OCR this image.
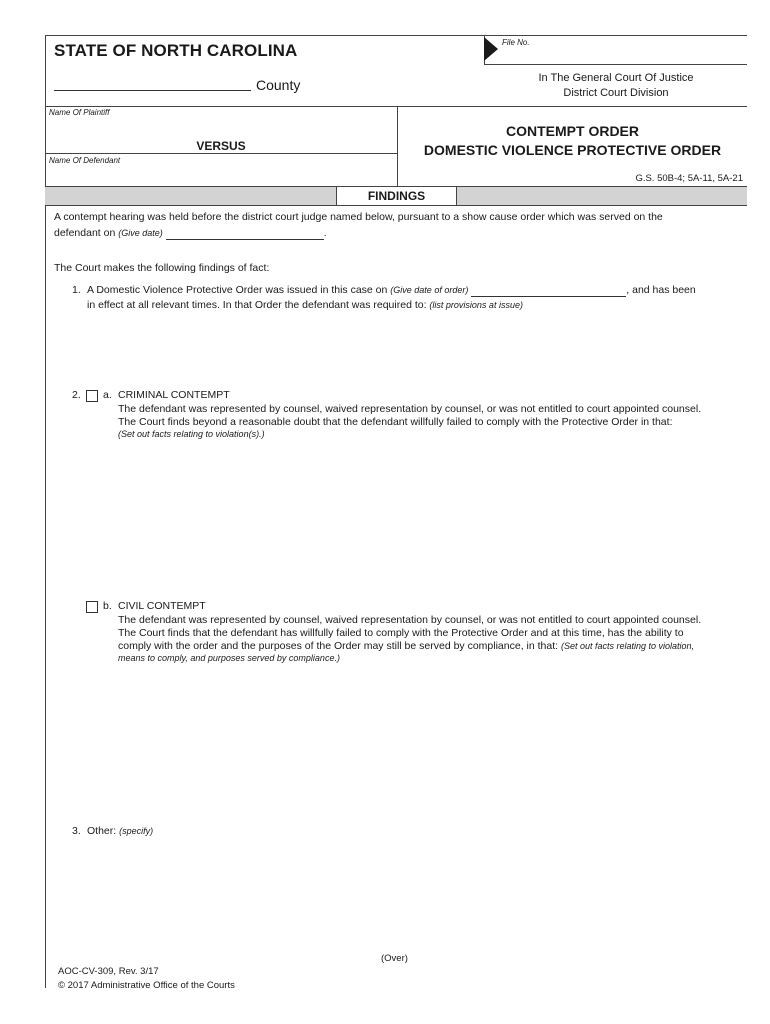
File No.
STATE OF NORTH CAROLINA
County	In The General Court Of Justice
District Court Division
Name Of Plaintiff
VERSUS
Name Of Defendant
CONTEMPT ORDER
DOMESTIC VIOLENCE PROTECTIVE ORDER
G.S. 50B-4; 5A-11, 5A-21
FINDINGS

A contempt hearing was held before the district court judge named below, pursuant to a show cause order which was served on the

defendant on (Give date)	.

The Court makes the following findings of fact:
1. A Domestic Violence Protective Order was issued in this case on (Give date of order)	, and has been

in effect at all relevant times. In that Order the defendant was required to: (list provisions at issue)

2. a. CRIMINAL CONTEMPT

The defendant was represented by counsel, waived representation by counsel, or was not entitled to court appointed counsel.

The Court finds beyond a reasonable doubt that the defendant willfully failed to comply with the Protective Order in that:

(Set out facts relating to violation(s).)

b. CIVIL CONTEMPT

The defendant was represented by counsel, waived representation by counsel, or was not entitled to court appointed counsel.

The Court finds that the defendant has willfully failed to comply with the Protective Order and at this time, has the ability to

comply with the order and the purposes of the Order may still be served by compliance, in that: (Set out facts relating to violation,

means to comply, and purposes served by compliance.)

3. Other: (specify)
(Over)
AOC-CV-309, Rev. 3/17
© 2017 Administrative Office of the Courts
